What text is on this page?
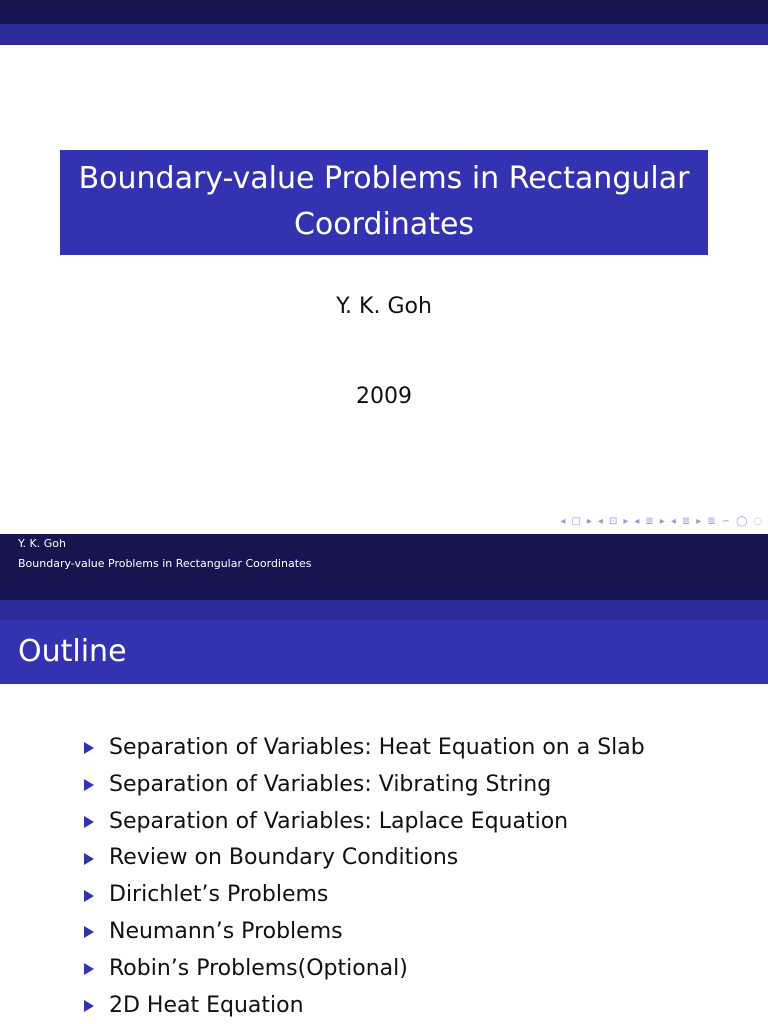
Boundary-value Problems in Rectangular Coordinates
Y. K. Goh
2009
◂ □ ▸ ◂ ⊡ ▸ ◂ ≣ ▸ ◂ ≣ ▸ ≣ ∽ ◯ ◌
Y. K. Goh
Boundary-value Problems in Rectangular Coordinates
Outline
Separation of Variables: Heat Equation on a Slab
Separation of Variables: Vibrating String
Separation of Variables: Laplace Equation
Review on Boundary Conditions
Dirichlet’s Problems
Neumann’s Problems
Robin’s Problems(Optional)
2D Heat Equation
